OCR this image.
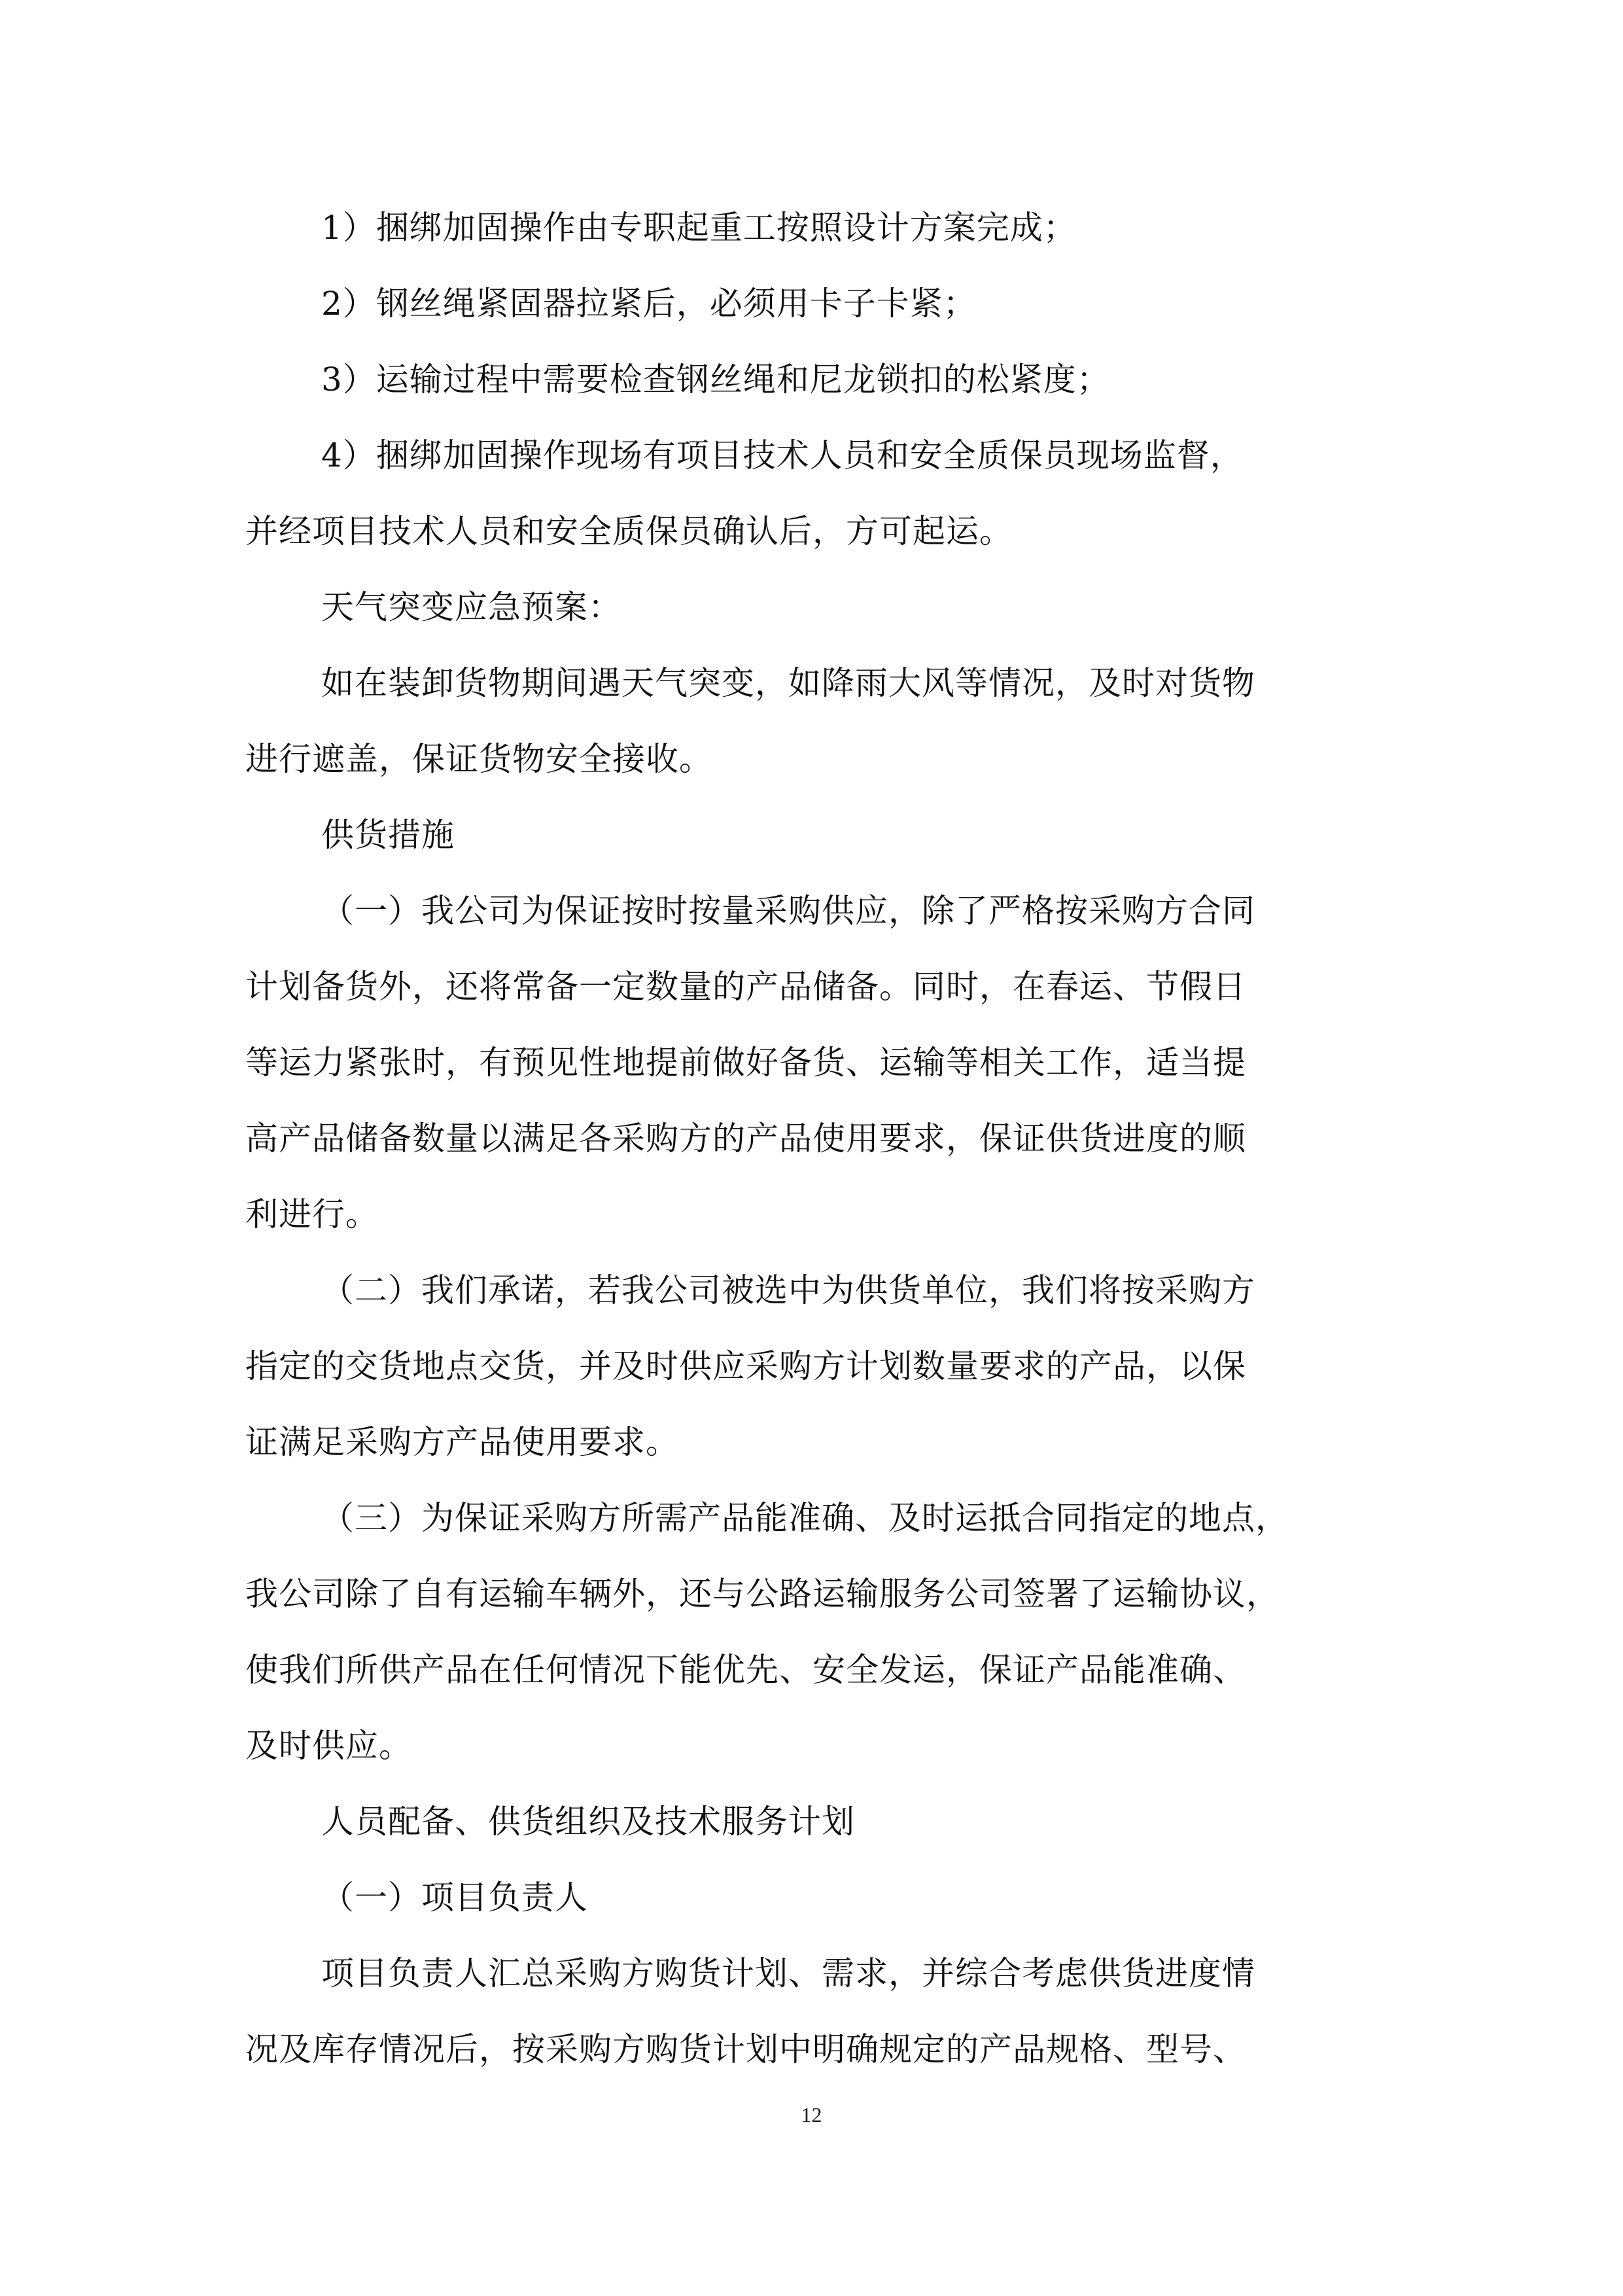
1）捆绑加固操作由专职起重工按照设计方案完成；
2）钢丝绳紧固器拉紧后，必须用卡子卡紧；
3）运输过程中需要检查钢丝绳和尼龙锁扣的松紧度；
4）捆绑加固操作现场有项目技术人员和安全质保员现场监督，
并经项目技术人员和安全质保员确认后，方可起运。
天气突变应急预案：
如在装卸货物期间遇天气突变，如降雨大风等情况，及时对货物
进行遮盖，保证货物安全接收。
供货措施
（一）我公司为保证按时按量采购供应，除了严格按采购方合同
计划备货外，还将常备一定数量的产品储备。同时，在春运、节假日
等运力紧张时，有预见性地提前做好备货、运输等相关工作，适当提
高产品储备数量以满足各采购方的产品使用要求，保证供货进度的顺
利进行。
（二）我们承诺，若我公司被选中为供货单位，我们将按采购方
指定的交货地点交货，并及时供应采购方计划数量要求的产品，以保
证满足采购方产品使用要求。
（三）为保证采购方所需产品能准确、及时运抵合同指定的地点，
我公司除了自有运输车辆外，还与公路运输服务公司签署了运输协议，
使我们所供产品在任何情况下能优先、安全发运，保证产品能准确、
及时供应。
人员配备、供货组织及技术服务计划
（一）项目负责人
项目负责人汇总采购方购货计划、需求，并综合考虑供货进度情
况及库存情况后，按采购方购货计划中明确规定的产品规格、型号、
12
